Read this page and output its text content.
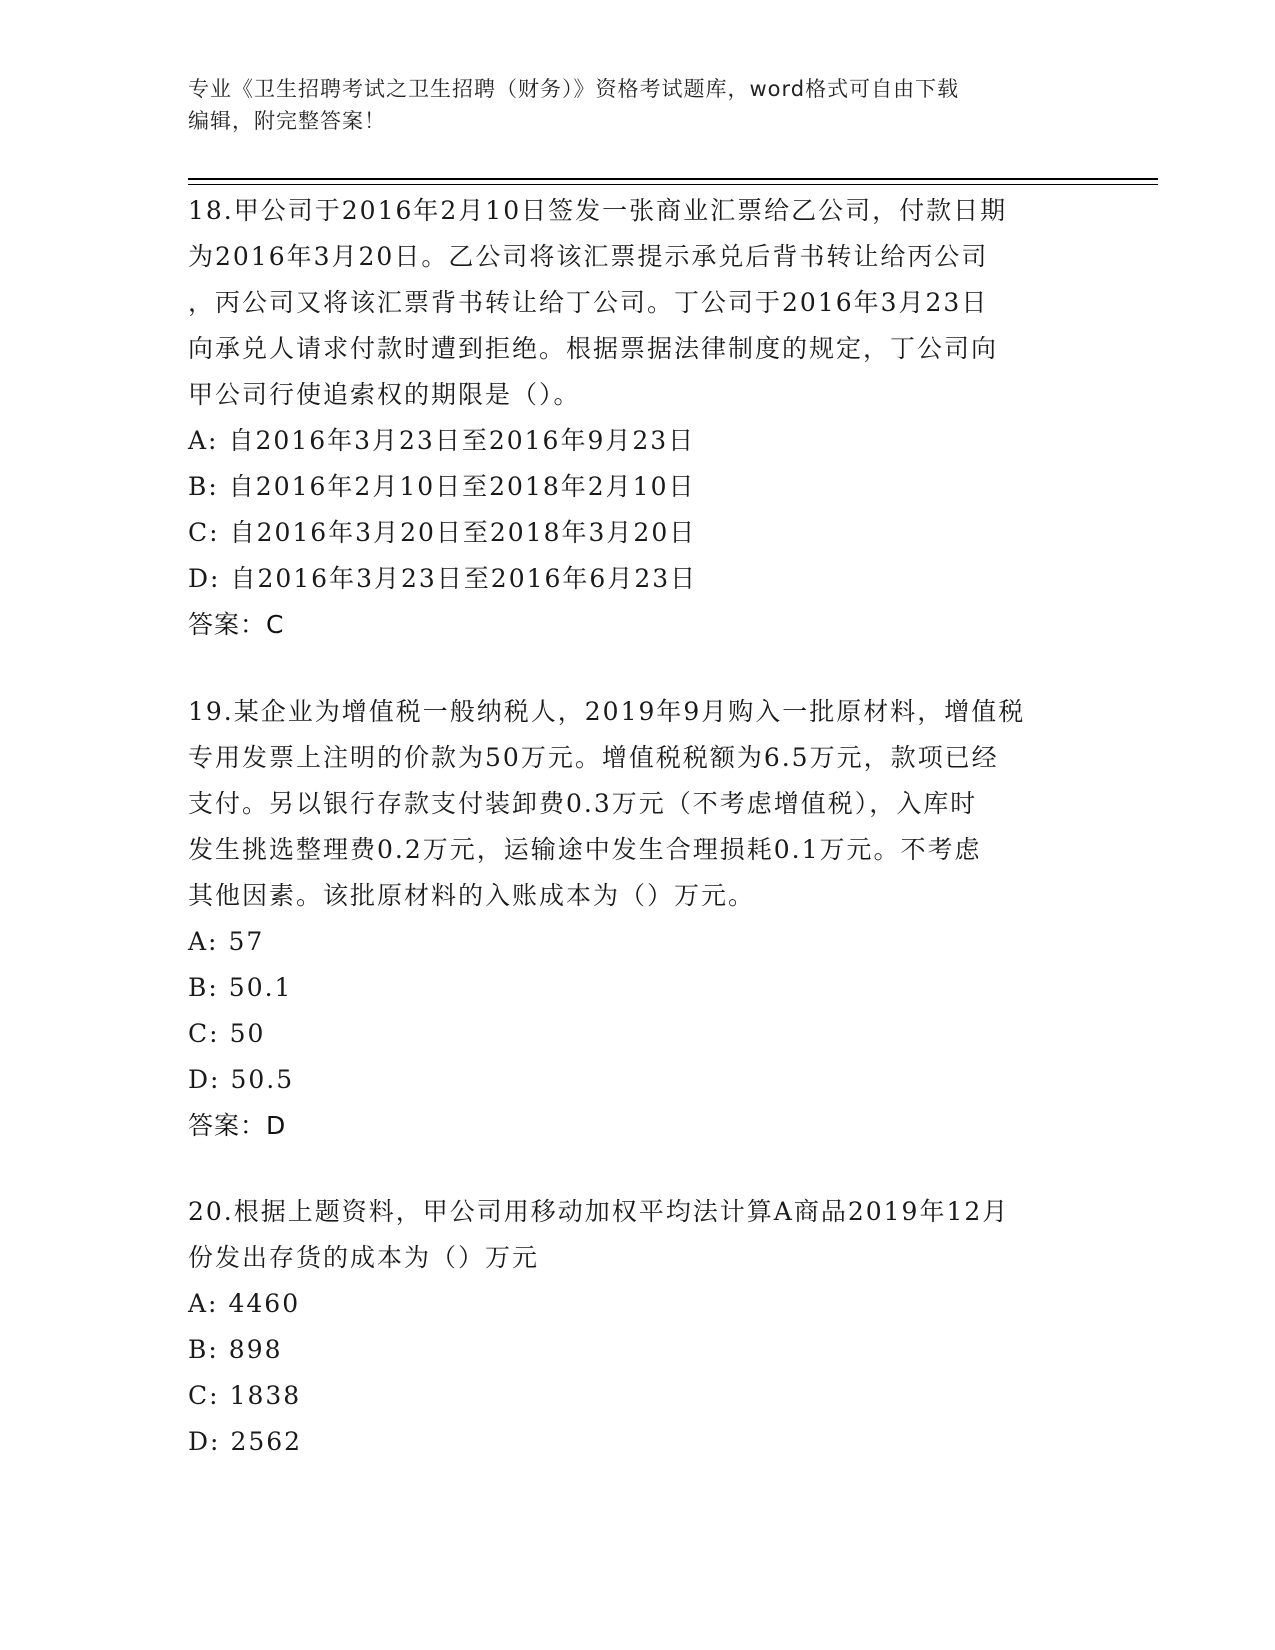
专业《卫生招聘考试之卫生招聘（财务）》资格考试题库，word格式可自由下载
编辑，附完整答案！
18.甲公司于2016年2月10日签发一张商业汇票给乙公司，付款日期
为2016年3月20日。乙公司将该汇票提示承兑后背书转让给丙公司
，丙公司又将该汇票背书转让给丁公司。丁公司于2016年3月23日
向承兑人请求付款时遭到拒绝。根据票据法律制度的规定，丁公司向
甲公司行使追索权的期限是（）。
A: 自2016年3月23日至2016年9月23日
B: 自2016年2月10日至2018年2月10日
C: 自2016年3月20日至2018年3月20日
D: 自2016年3月23日至2016年6月23日
答案：C
19.某企业为增值税一般纳税人，2019年9月购入一批原材料，增值税
专用发票上注明的价款为50万元。增值税税额为6.5万元，款项已经
支付。另以银行存款支付装卸费0.3万元（不考虑增值税），入库时
发生挑选整理费0.2万元，运输途中发生合理损耗0.1万元。不考虑
其他因素。该批原材料的入账成本为（）万元。
A: 57
B: 50.1
C: 50
D: 50.5
答案：D
20.根据上题资料，甲公司用移动加权平均法计算A商品2019年12月
份发出存货的成本为（）万元
A: 4460
B: 898
C: 1838
D: 2562
